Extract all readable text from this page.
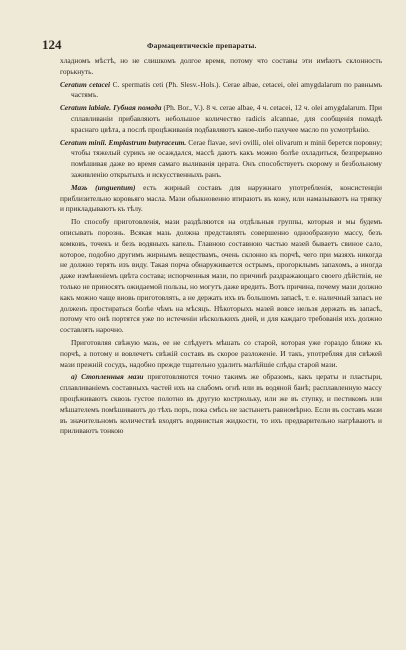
124	Фармацевтическіе препараты.

хладномъ мѣстѣ, но не слишкомъ долгое время, потому что составы эти имѣютъ склонность горькнуть.

Ceratum cetacei C. spermatis ceti (Ph. Slesv.-Hols.). Cerae albae, cetacei, olei amygdalarum по равнымъ частямъ.

Ceratum labiale. Губная помада (Ph. Bor., V.). 8 ч. cerae albae, 4 ч. cetacei, 12 ч. olei amygdalarum. При сплавливаніи прибавляютъ небольшое количество radicis alcannae, для сообщенія помадѣ краснаго цвѣта, а послѣ процѣживанія подбавляютъ какое-либо пахучее масло по усмотрѣнію.

Ceratum minii. Emplastrum butyraceum. Cerae flavae, sevi ovilli, olei olivarum и minii берется поровну; чтобы тяжелый сурикъ не осаждался, массѣ даютъ какъ можно болѣе охладиться, безпрерывно помѣшивая даже во время самаго выливанія церата. Онъ способствуетъ скорому и безбольному заживленію открытыхъ и искусственныхъ ранъ.

Мазь (unguentum) есть жирный составъ для наружнаго употребленія, консистенціи приблизительно коровьяго масла. Мази обыкновенно втираютъ въ кожу, или намазываютъ на тряпку и прикладываютъ къ тѣлу.

По способу приготовленія, мази раздѣляются на отдѣльныя группы, которыя и мы будемъ описывать порознь. Всякая мазь должна представлять совершенно однообразную массу, безъ комковъ, точекъ и безъ водяныхъ капель. Главною составною частью мазей бываетъ свиное сало, которое, подобно другимъ жирнымъ веществамъ, очень склонно къ порчѣ, чего при мазяхъ никогда не должно терять изъ виду. Такая порча обнаруживается острымъ, прогорклымъ запахомъ, а иногда даже измѣненіемъ цвѣта состава; испорченныя мази, по причинѣ раздражающаго своего дѣйствія, не только не приносятъ ожидаемой пользы, но могутъ даже вредить. Вотъ причина, почему мази должно какъ можно чаще вновь приготовлять, а не держать ихъ въ большомъ запасѣ, т. е. наличный запасъ не долженъ простираться болѣе чѣмъ на мѣсяцъ. Нѣкоторыхъ мазей вовсе нельзя держать въ запасѣ, потому что онѣ портятся уже по истеченіи нѣсколькихъ дней, и для каждаго требованія ихъ должно составлять нарочно.

Приготовляя свѣжую мазь, ее не слѣдуетъ мѣшать со старой, которая уже гораздо ближе къ порчѣ, а потому и вовлечетъ свѣжій составъ въ скорое разложеніе. И такъ, употребляя для свѣжей мази прежній сосудъ, надобно прежде тщательно удалить малѣйшіе слѣды старой мази.

а) Стопленныя мази приготовляются точно такимъ же образомъ, какъ цераты и пластыри, сплавливаніемъ составныхъ частей ихъ на слабомъ огнѣ или въ водяной банѣ; расплавленную массу процѣживаютъ сквозь густое полотно въ другую кострюльку, или же въ ступку, и пестикомъ или мѣшателемъ помѣшиваютъ до тѣхъ поръ, пока смѣсь не застынетъ равномѣрно. Если въ составъ мази въ значительномъ количествѣ входятъ водянистыя жидкости, то ихъ предварительно нагрѣваютъ и приливаютъ тонкою
